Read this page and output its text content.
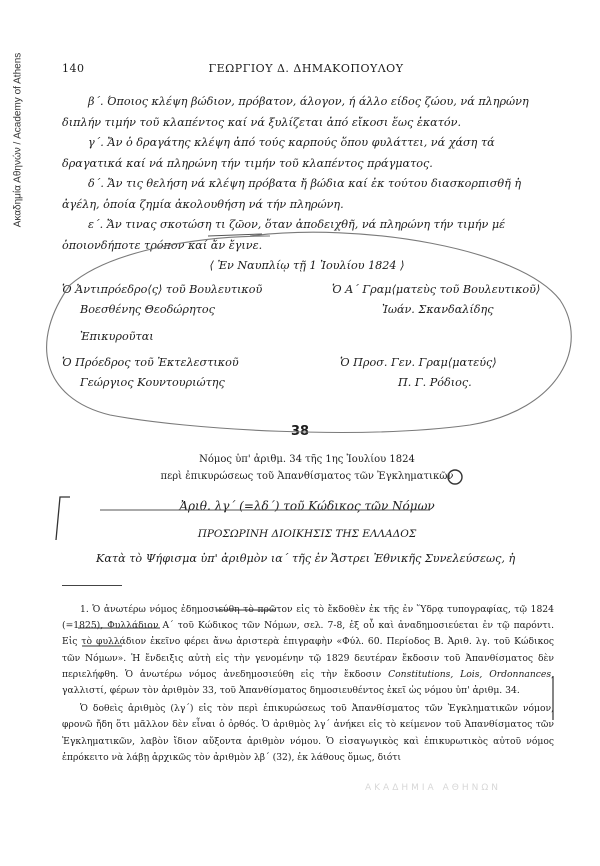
Ακαδημία Αθηνών / Academy of Athens	140	ΓΕΩΡΓΙΟΥ Δ. ΔΗΜΑΚΟΠΟΥΛΟΥ
β΄. Όποιος κλέψη βώδιον, πρόβατον, άλογον, ή άλλο είδος ζώου, νά πληρώνη διπλήν τιμήν τοῦ κλαπέντος καί νά ξυλίζεται ἀπό εἴκοσι ἕως ἑκατόν.
γ΄. Ἄν ὁ δραγάτης κλέψη ἀπό τούς καρπούς ὅπου φυλάττει, νά χάση τά δραγατικά καί νά πληρώνη τήν τιμήν τοῦ κλαπέντος πράγματος.
δ΄. Ἄν τις θελήση νά κλέψη πρόβατα ἤ βώδια καί ἐκ τούτου διασκορπισθῆ ἡ ἀγέλη, ὁποία ζημία ἀκολουθήση νά τήν πληρώνη.
ε΄. Ἄν τινας σκοτώση τι ζῶον, ὅταν ἀποδειχθῆ, νά πληρώνη τήν τιμήν μέ ὁποιονδήποτε τρόπον καί ἄν ἔγινε.
⟨ Ἐν Ναυπλίῳ τῇ 1 Ἰουλίου 1824 ⟩
Ὁ Ἀντιπρόεδρο⟨ς⟩ τοῦ Βουλευτικοῦ
Βοεσθένης Θεοδώρητος
Ὁ Α΄ Γραμ⟨ματεὺς τοῦ Βουλευτικοῦ⟩
Ἰωάν. Σκανδαλίδης
Ἐπικυροῦται
Ὁ Πρόεδρος τοῦ Ἐκτελεστικοῦ
Γεώργιος Κουντουριώτης
Ὁ Προσ. Γεν. Γραμ⟨ματεύς⟩
Π. Γ. Ρόδιος.
38
Νόμος ὑπ' ἀριθμ. 34 τῆς 1ης Ἰουλίου 1824
περὶ ἐπικυρώσεως τοῦ Ἀπανθίσματος τῶν Ἐγκληματικῶν
Ἀριθ. λγ΄ (=λδ΄) τοῦ Κώδικος τῶν Νόμων
ΠΡΟΣΩΡΙΝΗ ΔΙΟΙΚΗΣΙΣ ΤΗΣ ΕΛΛΑΔΟΣ
Κατὰ τὸ Ψήφισμα ὑπ' ἀριθμὸν ια΄ τῆς ἐν Ἄστρει Ἐθνικῆς Συνελεύσεως, ἡ

1. Ὁ ἀνωτέρω νόμος ἐδημοσιεύθη τὸ πρῶτον εἰς τὸ ἔκδοθὲν ἐκ τῆς ἐν Ὕδρᾳ τυπογραφίας, τῷ 1824 (=1825), Φυλλάδιον Α΄ τοῦ Κώδικος τῶν Νόμων, σελ. 7-8, ἐξ οὗ καὶ ἀναδημοσιεύεται ἐν τῷ παρόντι. Εἰς τὸ φυλλάδιον ἐκεῖνο φέρει ἄνω ἀριστερὰ ἐπιγραφὴν «Φύλ. 60. Περίοδος Β. Ἀριθ. λγ. τοῦ Κώδικος τῶν Νόμων». Ἡ ἔνδειξις αὐτὴ εἰς τὴν γενομένην τῷ 1829 δευτέραν ἔκδοσιν τοῦ Ἀπανθίσματος δὲν περιελήφθη. Ὁ ἀνωτέρω νόμος ἀνεδημοσιεύθη εἰς τὴν ἔκδοσιν Constitutions, Lois, Ordonnances, γαλλιστί, φέρων τὸν ἀριθμὸν 33, τοῦ Ἀπανθίσματος δημοσιευθέντος ἐκεῖ ὡς νόμου ὑπ' ἀριθμ. 34.

Ὁ δοθεὶς ἀριθμὸς (λγ΄) εἰς τὸν περὶ ἐπικυρώσεως τοῦ Ἀπανθίσματος τῶν Ἐγκληματικῶν νόμον, φρονῶ ἤδη ὅτι μᾶλλον δὲν εἶναι ὁ ὀρθός. Ὁ ἀριθμὸς λγ΄ ἀνήκει εἰς τὸ κείμενον τοῦ Ἀπανθίσματος τῶν Ἐγκληματικῶν, λαβὸν ἴδιον αὔξοντα ἀριθμὸν νόμου. Ὁ εἰσαγωγικὸς καὶ ἐπικυρωτικὸς αὐτοῦ νόμος ἐπρόκειτο νὰ λάβῃ ἀρχικῶς τὸν ἀριθμὸν λβ΄ (32), ἐκ λάθους ὅμως, διότι

ΑΚΑΔΗΜΙΑ ΑΘΗΝΩΝ
